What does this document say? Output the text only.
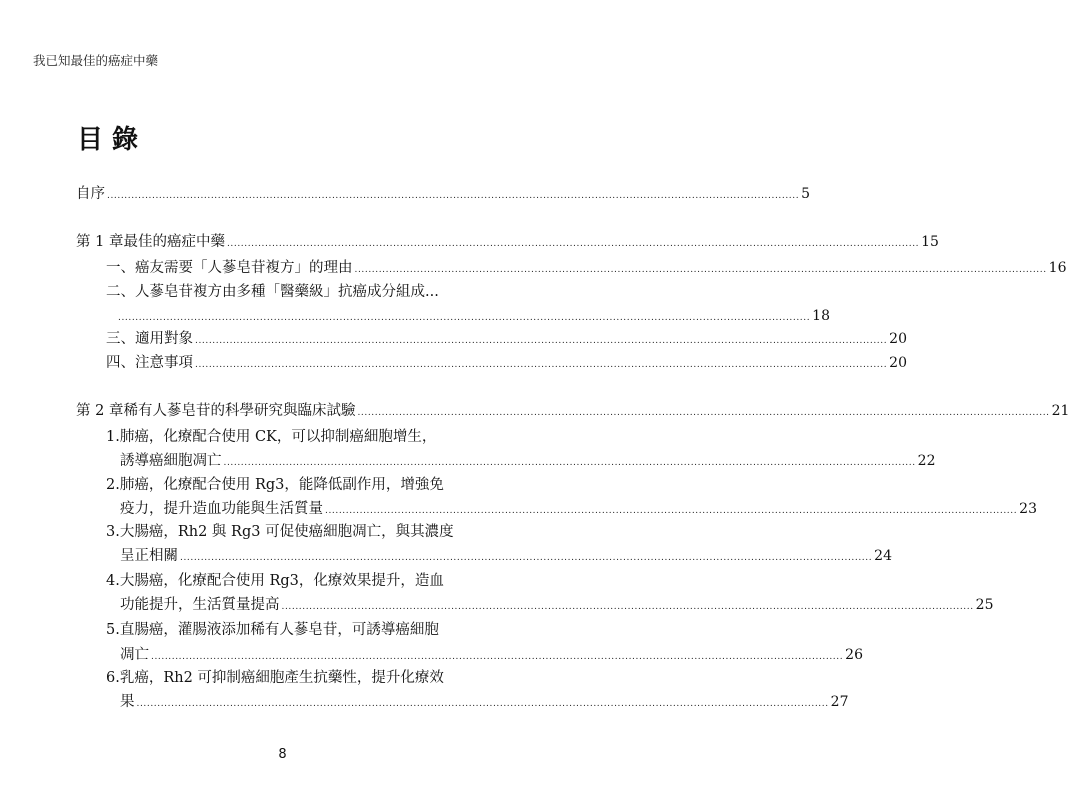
我已知最佳的癌症中藥
目錄
自序 ........................................................................................................................................................................................................ 5
第 1 章 最佳的癌症中藥 ........................................................................................................................................................................................................ 15
一、癌友需要「人蔘皂苷複方」的理由 ........................................................................................................................................................................................................ 16
二、人蔘皂苷複方由多種「醫藥級」抗癌成分組成...
........................................................................................................................................................................................................ 18
三、適用對象 ........................................................................................................................................................................................................ 20
四、注意事項 ........................................................................................................................................................................................................ 20
第 2 章 稀有人蔘皂苷的科學研究與臨床試驗 ........................................................................................................................................................................................................ 21
1.肺癌，化療配合使用 CK，可以抑制癌細胞增生，
誘導癌細胞凋亡 ........................................................................................................................................................................................................ 22
2.肺癌，化療配合使用 Rg3，能降低副作用，增強免
疫力，提升造血功能與生活質量 ........................................................................................................................................................................................................ 23
3.大腸癌，Rh2 與 Rg3 可促使癌細胞凋亡，與其濃度
呈正相關 ........................................................................................................................................................................................................ 24
4.大腸癌，化療配合使用 Rg3，化療效果提升，造血
功能提升，生活質量提高 ........................................................................................................................................................................................................ 25
5.直腸癌，灌腸液添加稀有人蔘皂苷，可誘導癌細胞
凋亡 ........................................................................................................................................................................................................ 26
6.乳癌，Rh2 可抑制癌細胞產生抗藥性，提升化療效
果 ........................................................................................................................................................................................................ 27
8
